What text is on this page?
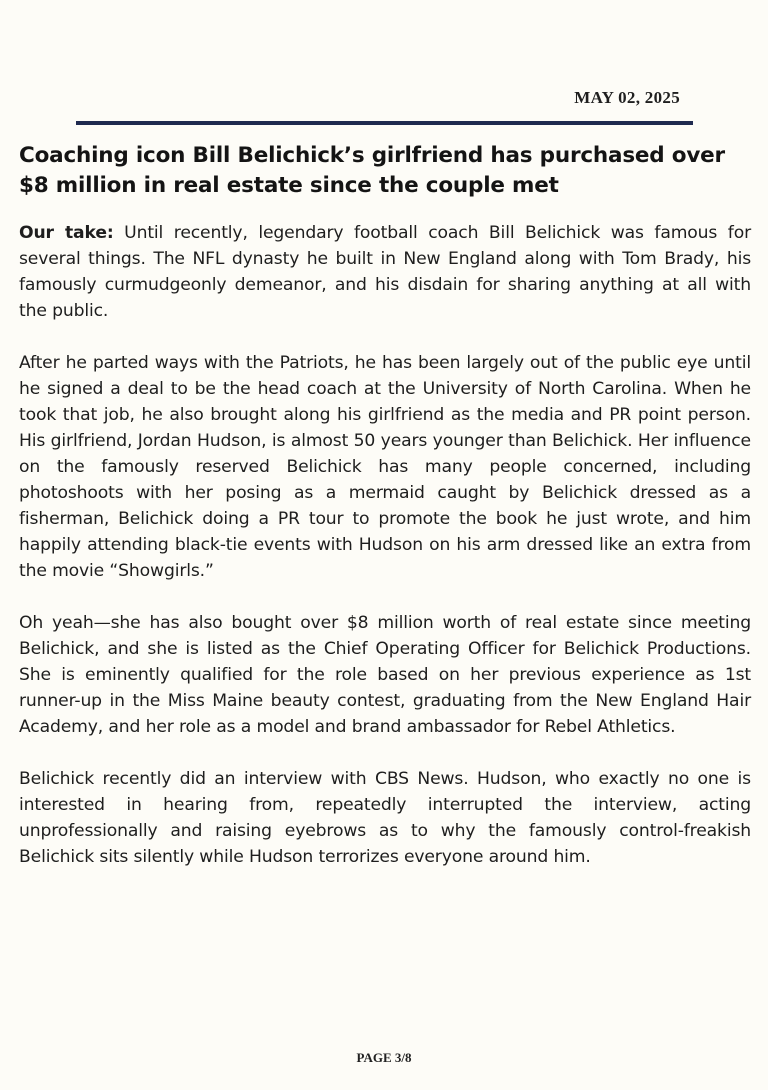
MAY 02, 2025
Coaching icon Bill Belichick’s girlfriend has purchased over $8 million in real estate since the couple met

Our take: Until recently, legendary football coach Bill Belichick was famous for several things. The NFL dynasty he built in New England along with Tom Brady, his famously curmudgeonly demeanor, and his disdain for sharing anything at all with the public.

After he parted ways with the Patriots, he has been largely out of the public eye until he signed a deal to be the head coach at the University of North Carolina. When he took that job, he also brought along his girlfriend as the media and PR point person. His girlfriend, Jordan Hudson, is almost 50 years younger than Belichick. Her influence on the famously reserved Belichick has many people concerned, including photoshoots with her posing as a mermaid caught by Belichick dressed as a fisherman, Belichick doing a PR tour to promote the book he just wrote, and him happily attending black-tie events with Hudson on his arm dressed like an extra from the movie “Showgirls.”

Oh yeah—she has also bought over $8 million worth of real estate since meeting Belichick, and she is listed as the Chief Operating Officer for Belichick Productions. She is eminently qualified for the role based on her previous experience as 1st runner-up in the Miss Maine beauty contest, graduating from the New England Hair Academy, and her role as a model and brand ambassador for Rebel Athletics.

Belichick recently did an interview with CBS News. Hudson, who exactly no one is interested in hearing from, repeatedly interrupted the interview, acting unprofessionally and raising eyebrows as to why the famously control-freakish Belichick sits silently while Hudson terrorizes everyone around him.

PAGE 3/8
